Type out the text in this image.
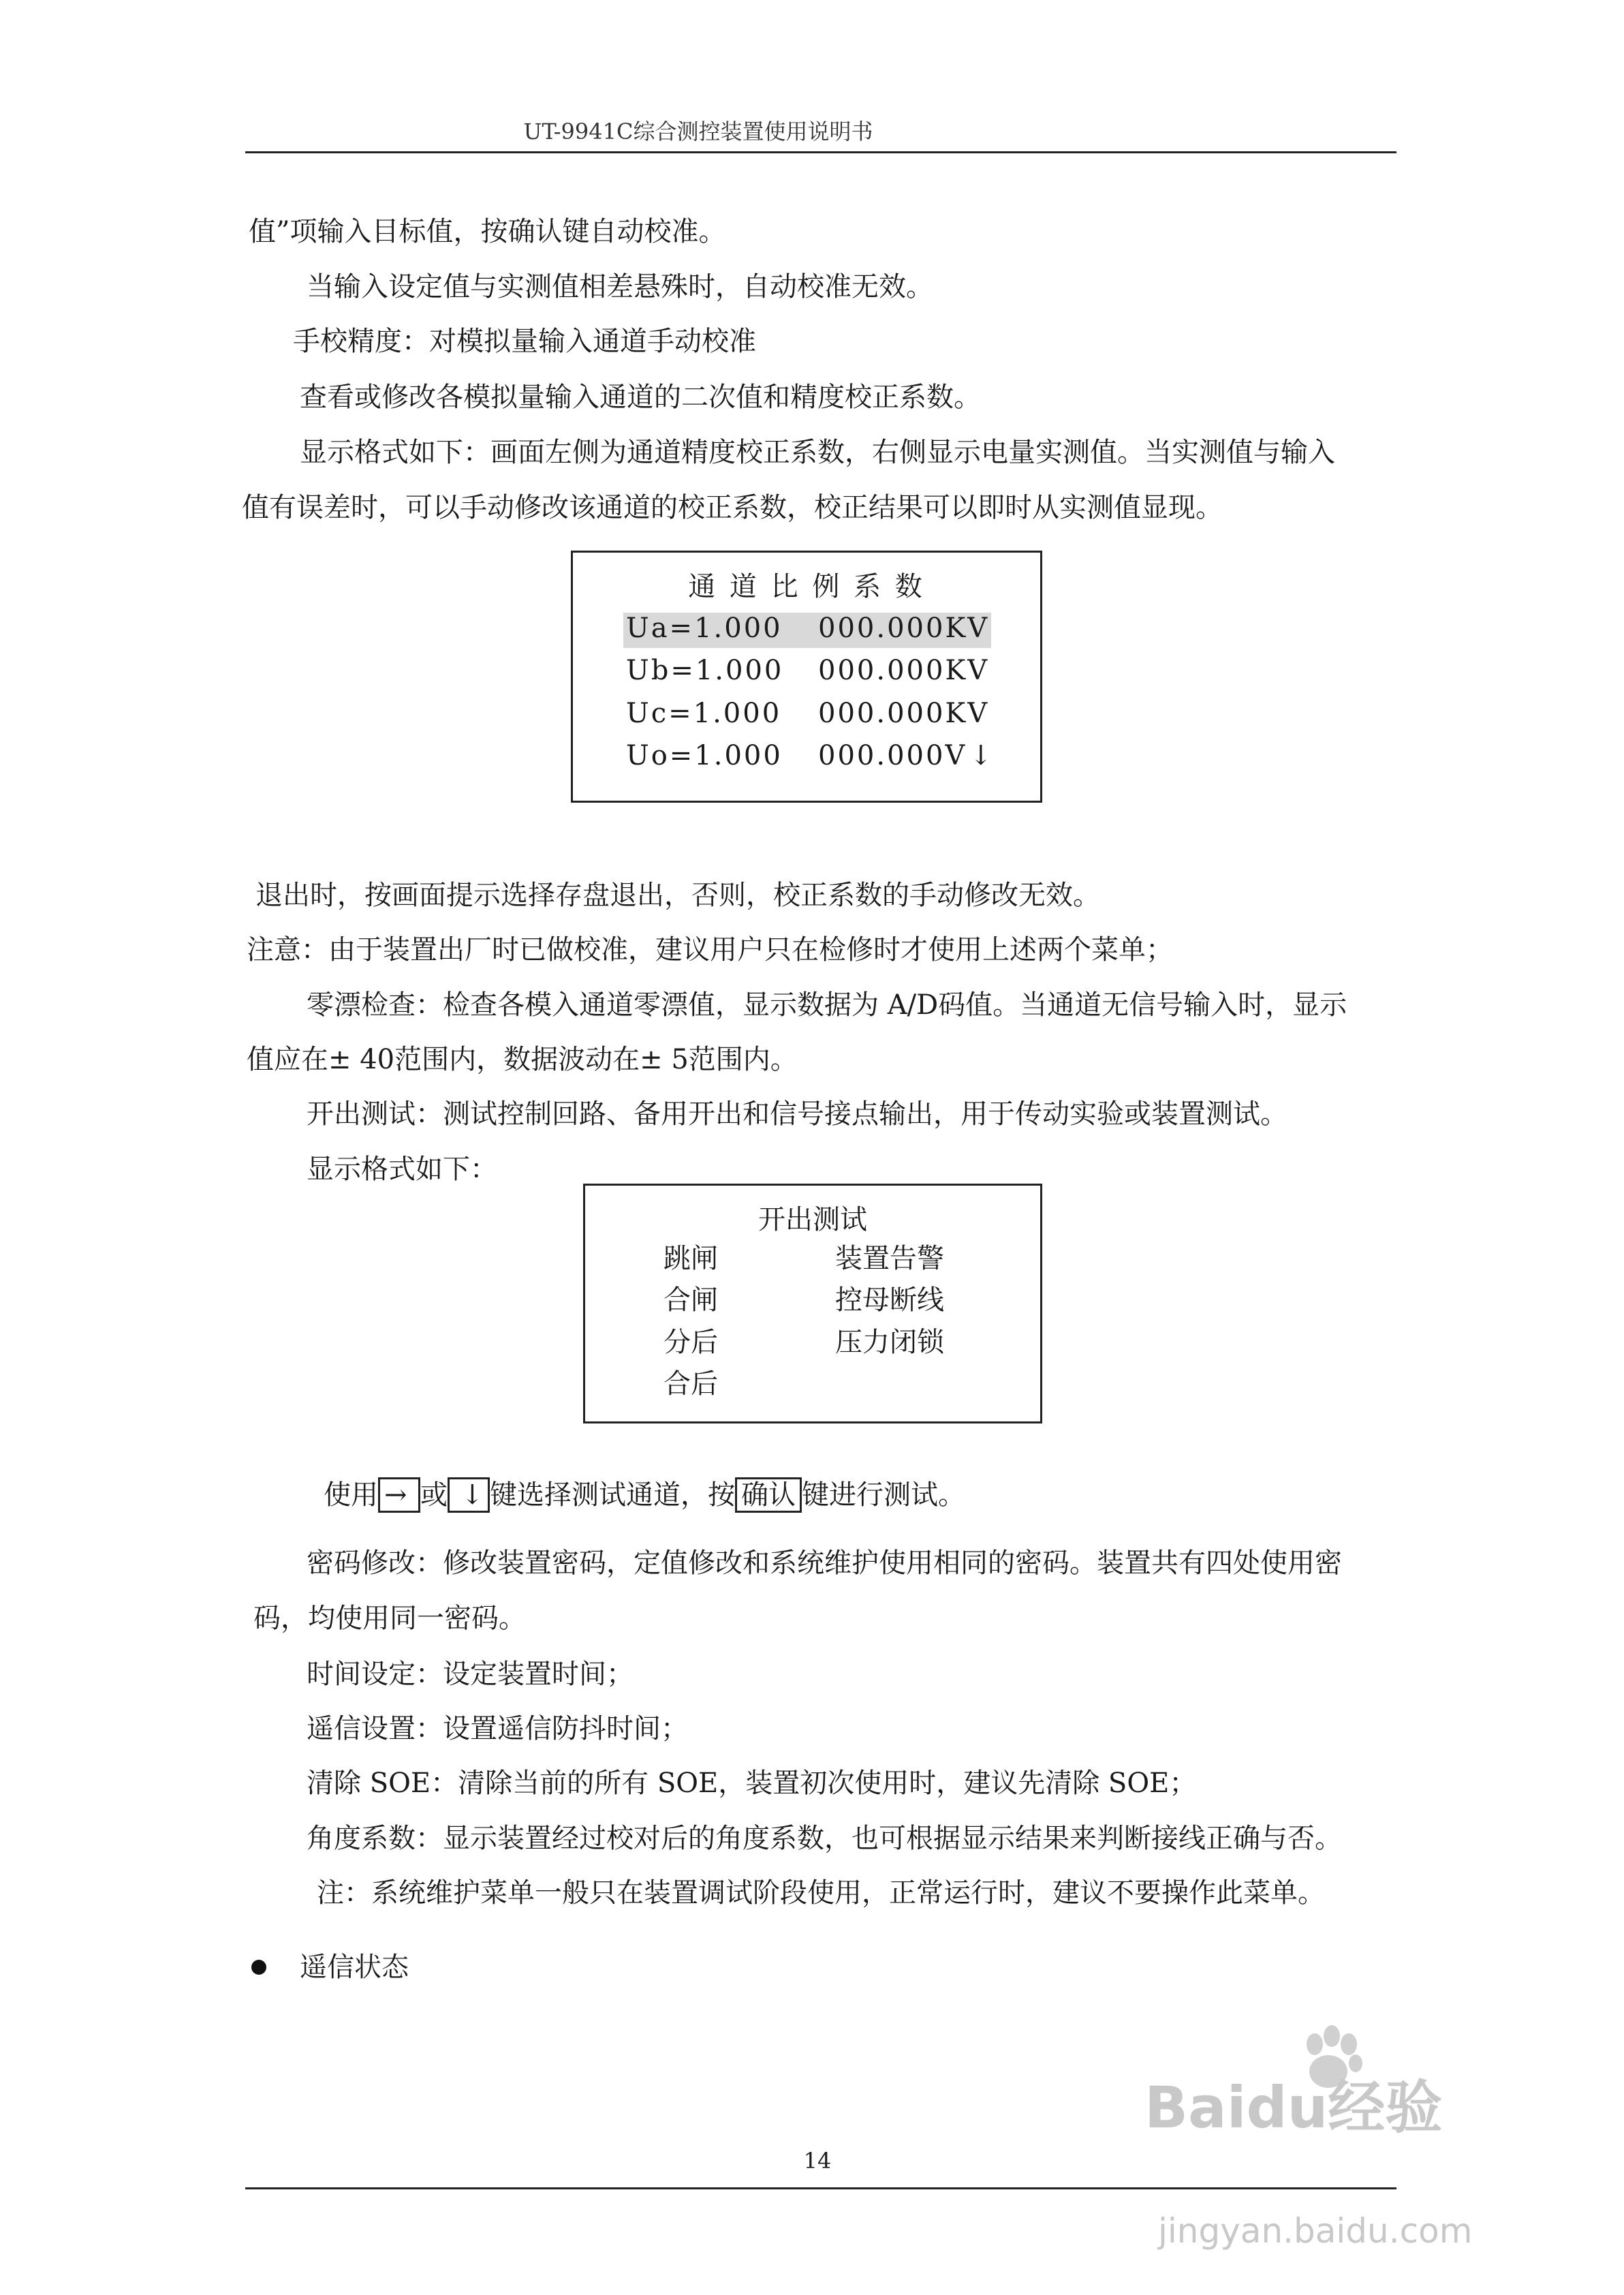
UT-9941C综合测控装置使用说明书
值”项输入目标值，按确认键自动校准。
当输入设定值与实测值相差悬殊时，自动校准无效。
手校精度：对模拟量输入通道手动校准
查看或修改各模拟量输入通道的二次值和精度校正系数。
显示格式如下：画面左侧为通道精度校正系数，右侧显示电量实测值。当实测值与输入
值有误差时，可以手动修改该通道的校正系数，校正结果可以即时从实测值显现。
通 道 比 例 系 数
Ua=1.000 000.000KV
Ub=1.000 000.000KV
Uc=1.000 000.000KV
Uo=1.000 000.000V ↓
退出时，按画面提示选择存盘退出，否则，校正系数的手动修改无效。
注意：由于装置出厂时已做校准，建议用户只在检修时才使用上述两个菜单；
零漂检查：检查各模入通道零漂值，显示数据为 A/D码值。当通道无信号输入时，显示
值应在± 40范围内，数据波动在± 5范围内。
开出测试：测试控制回路、备用开出和信号接点输出，用于传动实验或装置测试。
显示格式如下：
开出测试
跳闸
合闸
分后
合后
装置告警
控母断线
压力闭锁
使用 → 或 ↓ 键选择测试通道，按 确认 键进行测试。
密码修改：修改装置密码，定值修改和系统维护使用相同的密码。装置共有四处使用密
码，均使用同一密码。
时间设定：设定装置时间；
遥信设置：设置遥信防抖时间；
清除 SOE：清除当前的所有 SOE，装置初次使用时，建议先清除 SOE；
角度系数：显示装置经过校对后的角度系数，也可根据显示结果来判断接线正确与否。
注：系统维护菜单一般只在装置调试阶段使用，正常运行时，建议不要操作此菜单。
遥信状态
14
Baidu经验
jingyan.baidu.com
